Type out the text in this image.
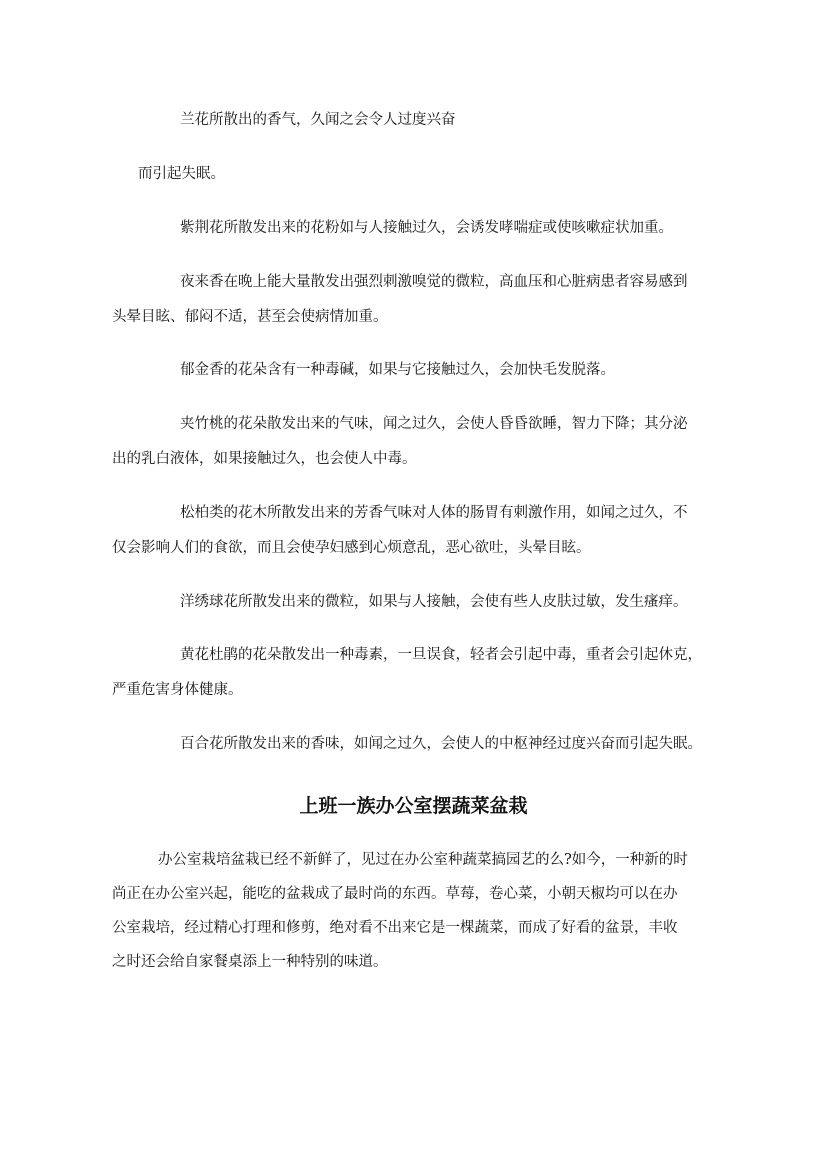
兰花所散出的香气，久闻之会令人过度兴奋

而引起失眠。

紫荆花所散发出来的花粉如与人接触过久，会诱发哮喘症或使咳嗽症状加重。

夜来香在晚上能大量散发出强烈刺激嗅觉的微粒，高血压和心脏病患者容易感到

头晕目眩、郁闷不适，甚至会使病情加重。

郁金香的花朵含有一种毒碱，如果与它接触过久，会加快毛发脱落。

夹竹桃的花朵散发出来的气味，闻之过久，会使人昏昏欲睡，智力下降；其分泌

出的乳白液体，如果接触过久，也会使人中毒。

松柏类的花木所散发出来的芳香气味对人体的肠胃有刺激作用，如闻之过久，不

仅会影响人们的食欲，而且会使孕妇感到心烦意乱，恶心欲吐，头晕目眩。

洋绣球花所散发出来的微粒，如果与人接触，会使有些人皮肤过敏，发生瘙痒。

黄花杜鹃的花朵散发出一种毒素，一旦误食，轻者会引起中毒，重者会引起休克，

严重危害身体健康。

百合花所散发出来的香味，如闻之过久，会使人的中枢神经过度兴奋而引起失眠。

上班一族办公室摆蔬菜盆栽

办公室栽培盆栽已经不新鲜了，见过在办公室种蔬菜搞园艺的么?如今，一种新的时

尚正在办公室兴起，能吃的盆栽成了最时尚的东西。草莓，卷心菜，小朝天椒均可以在办

公室栽培，经过精心打理和修剪，绝对看不出来它是一棵蔬菜，而成了好看的盆景，丰收

之时还会给自家餐桌添上一种特别的味道。
